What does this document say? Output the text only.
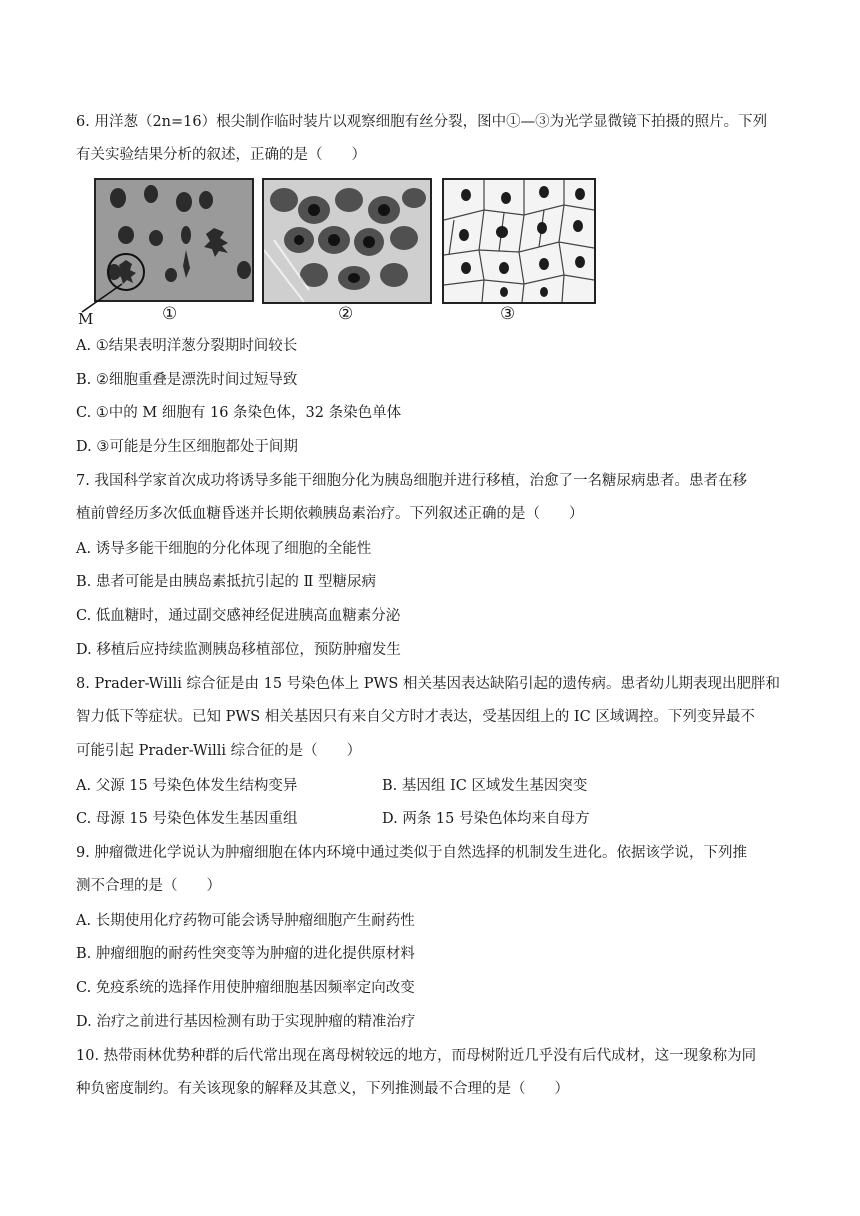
6. 用洋葱（2n=16）根尖制作临时装片以观察细胞有丝分裂，图中①—③为光学显微镜下拍摄的照片。下列
有关实验结果分析的叙述，正确的是（　　）
M	①	②	③
A. ①结果表明洋葱分裂期时间较长
B. ②细胞重叠是漂洗时间过短导致
C. ①中的 M 细胞有 16 条染色体，32 条染色单体
D. ③可能是分生区细胞都处于间期
7. 我国科学家首次成功将诱导多能干细胞分化为胰岛细胞并进行移植，治愈了一名糖尿病患者。患者在移
植前曾经历多次低血糖昏迷并长期依赖胰岛素治疗。下列叙述正确的是（　　）
A. 诱导多能干细胞的分化体现了细胞的全能性
B. 患者可能是由胰岛素抵抗引起的 Ⅱ 型糖尿病
C. 低血糖时，通过副交感神经促进胰高血糖素分泌
D. 移植后应持续监测胰岛移植部位，预防肿瘤发生
8. Prader-Willi 综合征是由 15 号染色体上 PWS 相关基因表达缺陷引起的遗传病。患者幼儿期表现出肥胖和
智力低下等症状。已知 PWS 相关基因只有来自父方时才表达，受基因组上的 IC 区域调控。下列变异最不
可能引起 Prader-Willi 综合征的是（　　）
A. 父源 15 号染色体发生结构变异	B. 基因组 IC 区域发生基因突变
C. 母源 15 号染色体发生基因重组	D. 两条 15 号染色体均来自母方
9. 肿瘤微进化学说认为肿瘤细胞在体内环境中通过类似于自然选择的机制发生进化。依据该学说，下列推
测不合理的是（　　）
A. 长期使用化疗药物可能会诱导肿瘤细胞产生耐药性
B. 肿瘤细胞的耐药性突变等为肿瘤的进化提供原材料
C. 免疫系统的选择作用使肿瘤细胞基因频率定向改变
D. 治疗之前进行基因检测有助于实现肿瘤的精准治疗
10. 热带雨林优势种群的后代常出现在离母树较远的地方，而母树附近几乎没有后代成材，这一现象称为同
种负密度制约。有关该现象的解释及其意义，下列推测最不合理的是（　　）
